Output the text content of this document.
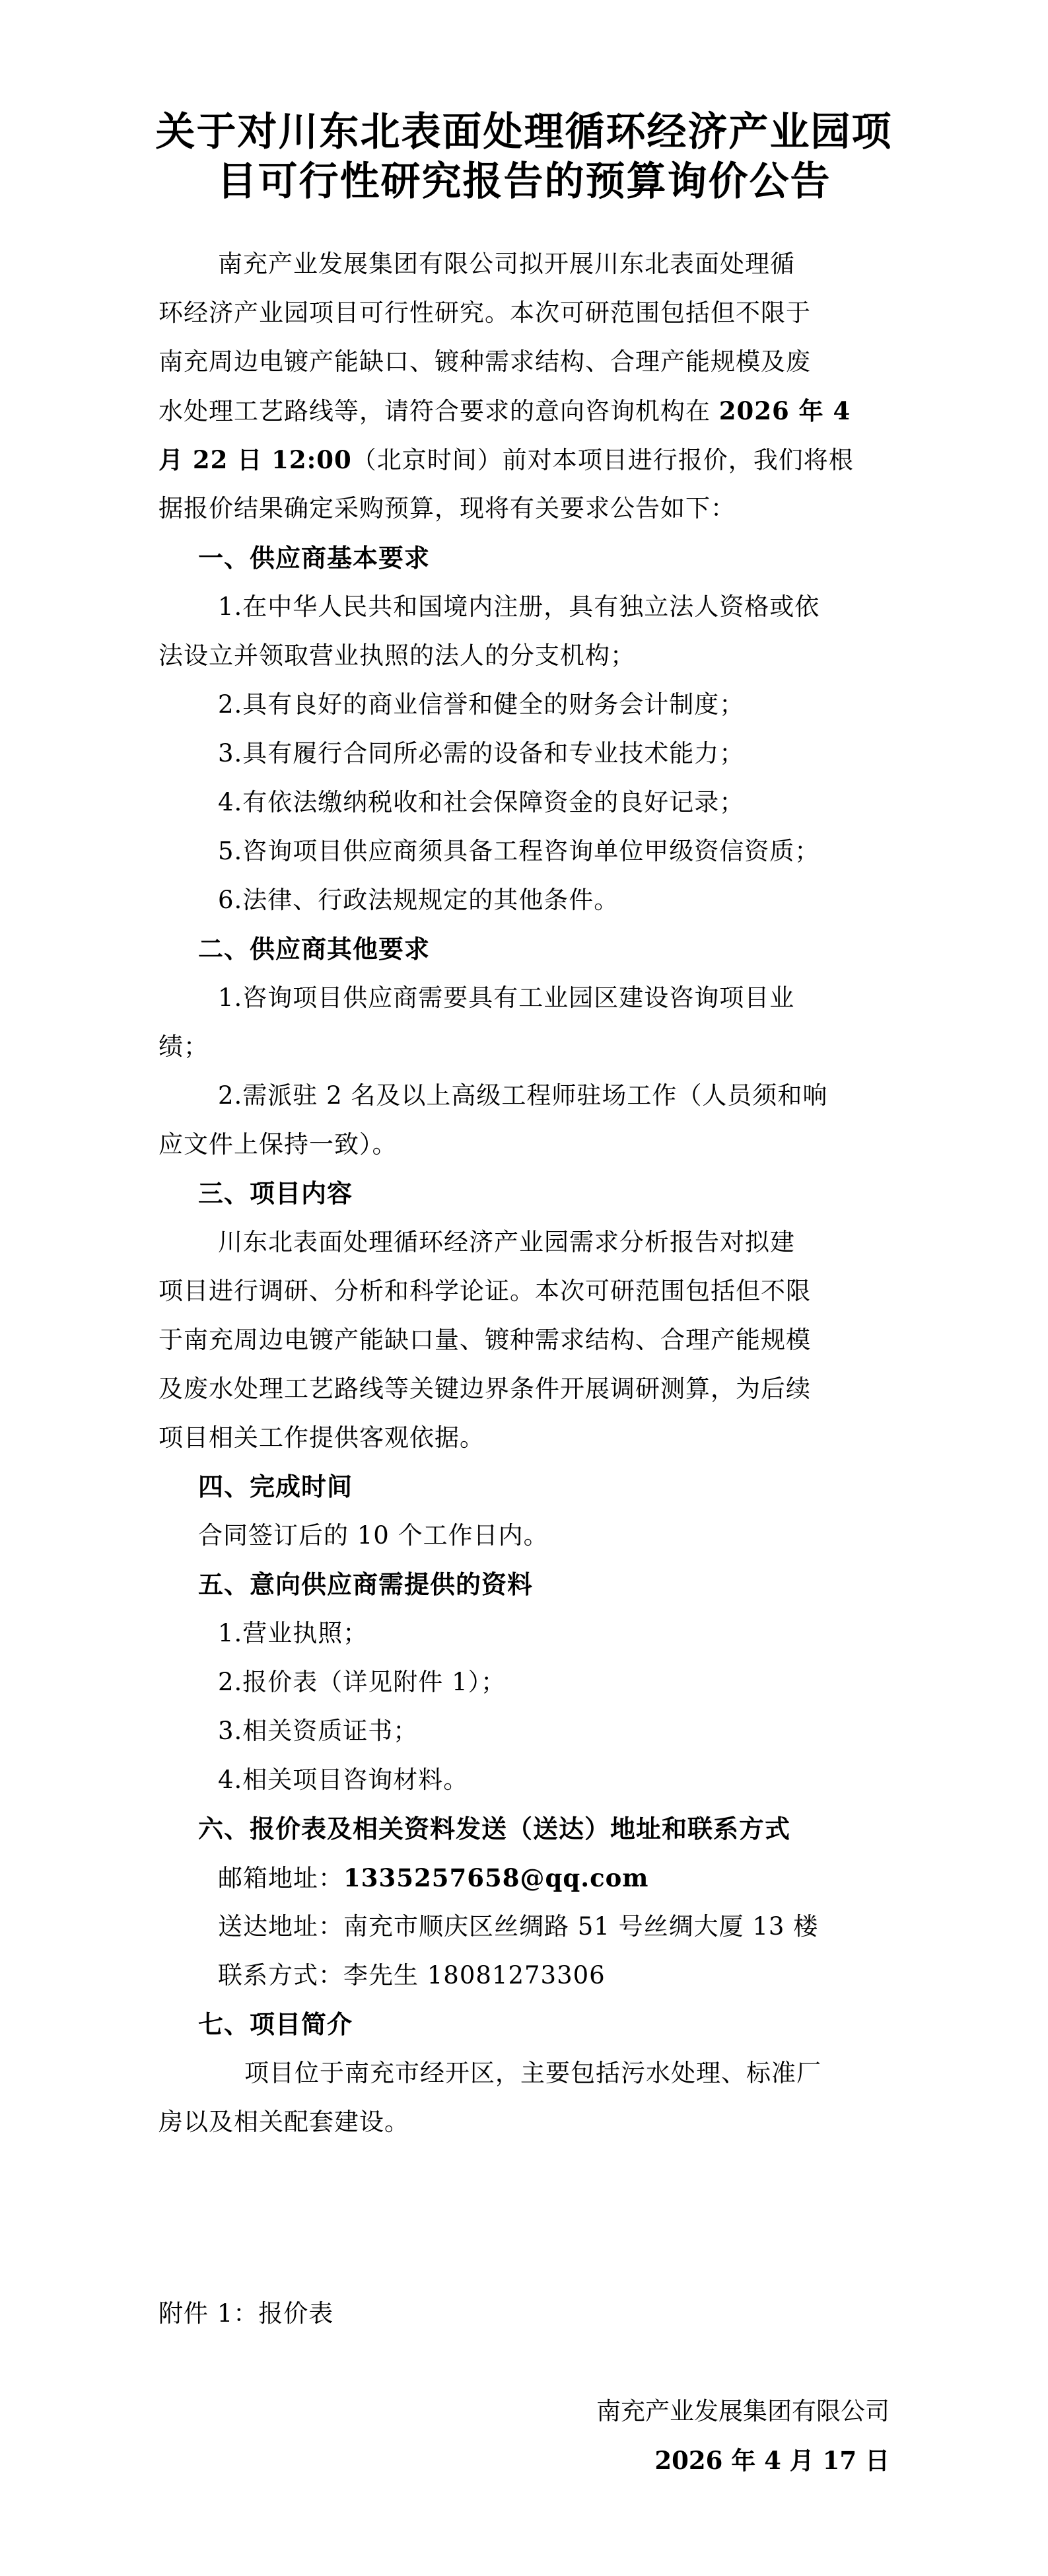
关于对川东北表面处理循环经济产业园项
目可行性研究报告的预算询价公告
南充产业发展集团有限公司拟开展川东北表面处理循
环经济产业园项目可行性研究。本次可研范围包括但不限于
南充周边电镀产能缺口、镀种需求结构、合理产能规模及废
水处理工艺路线等，请符合要求的意向咨询机构在 2026 年 4
月 22 日 12:00（北京时间）前对本项目进行报价，我们将根
据报价结果确定采购预算，现将有关要求公告如下：
一、供应商基本要求
1.在中华人民共和国境内注册，具有独立法人资格或依
法设立并领取营业执照的法人的分支机构；
2.具有良好的商业信誉和健全的财务会计制度；
3.具有履行合同所必需的设备和专业技术能力；
4.有依法缴纳税收和社会保障资金的良好记录；
5.咨询项目供应商须具备工程咨询单位甲级资信资质；
6.法律、行政法规规定的其他条件。
二、供应商其他要求
1.咨询项目供应商需要具有工业园区建设咨询项目业
绩；
2.需派驻 2 名及以上高级工程师驻场工作（人员须和响
应文件上保持一致）。
三、项目内容
川东北表面处理循环经济产业园需求分析报告对拟建
项目进行调研、分析和科学论证。本次可研范围包括但不限
于南充周边电镀产能缺口量、镀种需求结构、合理产能规模
及废水处理工艺路线等关键边界条件开展调研测算，为后续
项目相关工作提供客观依据。
四、完成时间
合同签订后的 10 个工作日内。
五、意向供应商需提供的资料
1.营业执照；
2.报价表（详见附件 1）；
3.相关资质证书；
4.相关项目咨询材料。
六、报价表及相关资料发送（送达）地址和联系方式
邮箱地址：1335257658@qq.com
送达地址：南充市顺庆区丝绸路 51 号丝绸大厦 13 楼
联系方式：李先生 18081273306
七、项目简介
项目位于南充市经开区，主要包括污水处理、标准厂
房以及相关配套建设。
附件 1：报价表
南充产业发展集团有限公司
2026 年 4 月 17 日
